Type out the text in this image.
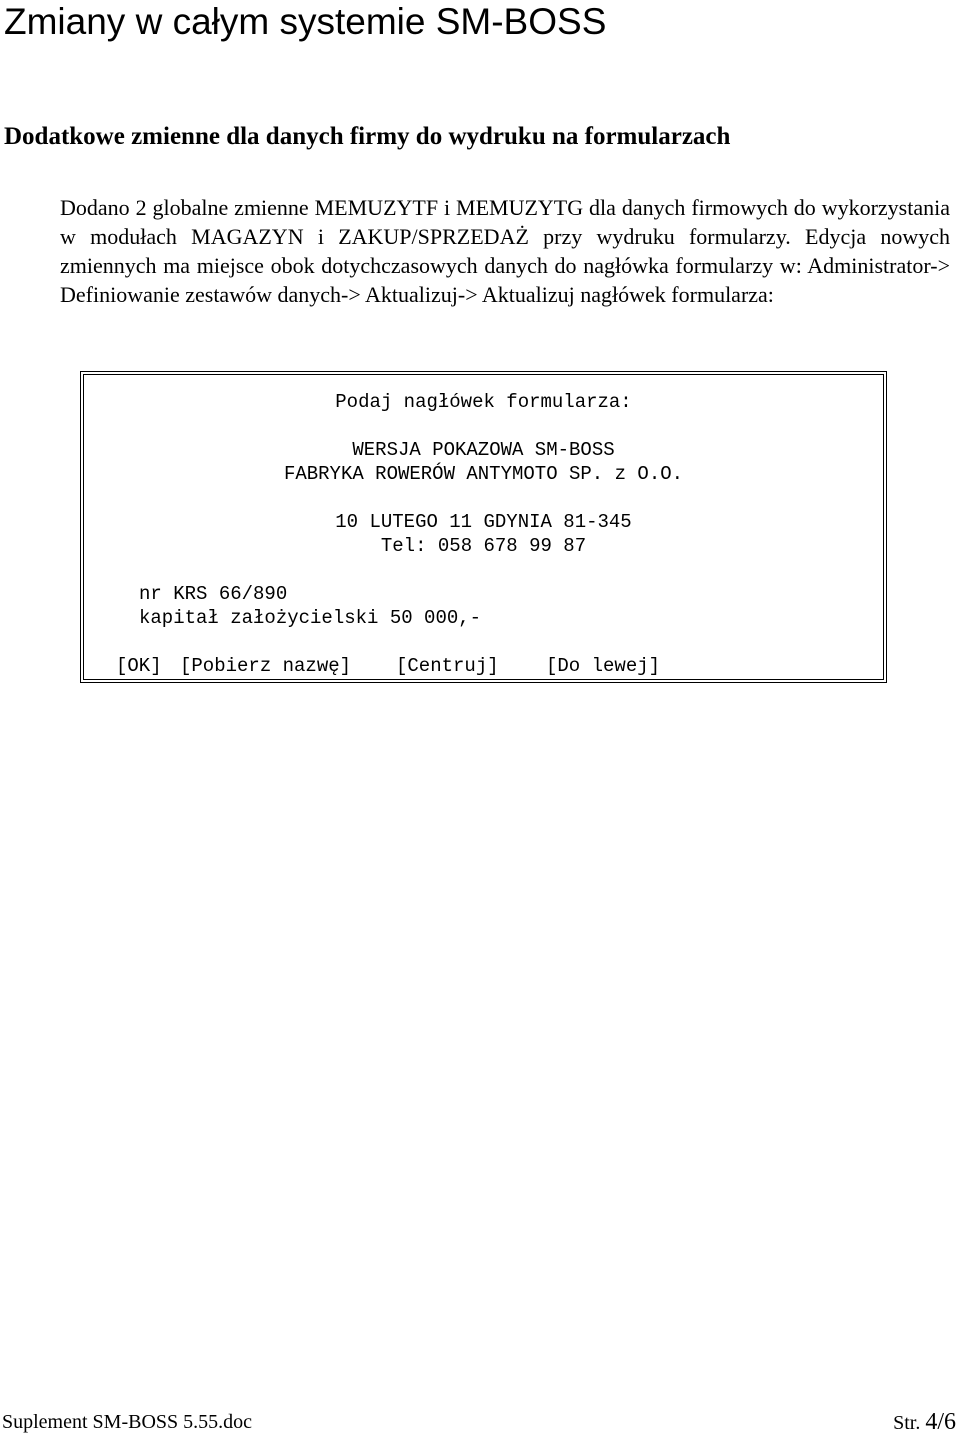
Zmiany w całym systemie SM-BOSS
Dodatkowe zmienne dla danych firmy do wydruku na formularzach
Dodano 2 globalne zmienne MEMUZYTF i MEMUZYTG dla danych firmowych do wykorzystania w modułach MAGAZYN i ZAKUP/SPRZEDAŻ przy wydruku formularzy. Edycja nowych zmiennych ma miejsce obok dotychczasowych danych do nagłówka formularzy w: Administrator-> Definiowanie zestawów danych-> Aktualizuj-> Aktualizuj nagłówek formularza:

Podaj nagłówek formularza:

WERSJA POKAZOWA SM-BOSS

FABRYKA ROWERÓW ANTYMOTO SP. z O.O.

10 LUTEGO 11 GDYNIA 81-345

Tel: 058 678 99 87

nr KRS 66/890

kapitał założycielski 50 000,-

[OK]

[Pobierz nazwę]

[Centruj]

[Do lewej]

Suplement SM-BOSS 5.55.doc	Str. 4/6
